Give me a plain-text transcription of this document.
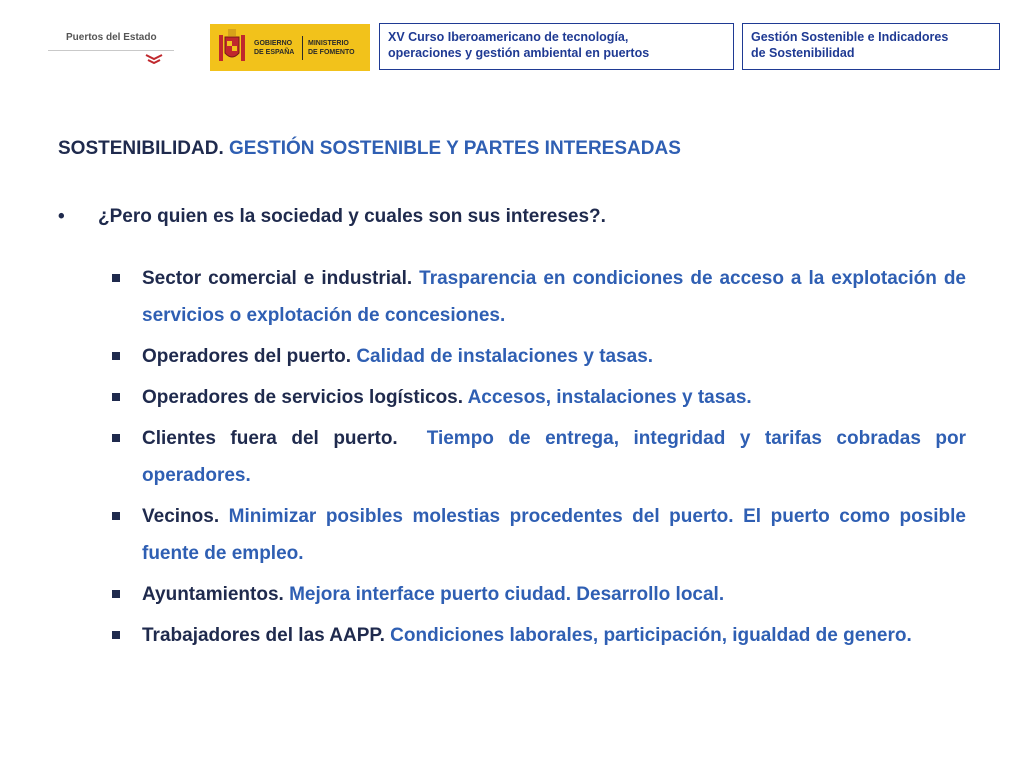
Puertos del Estado
GOBIERNO
DE ESPAÑA
MINISTERIO
DE FOMENTO
XV Curso Iberoamericano de tecnología,
operaciones y gestión ambiental en puertos
Gestión Sostenible e Indicadores
de Sostenibilidad
SOSTENIBILIDAD. GESTIÓN SOSTENIBLE Y PARTES INTERESADAS
• ¿Pero quien es la sociedad y cuales son sus intereses?.
Sector comercial e industrial. Trasparencia en condiciones de acceso a la explotación de servicios o explotación de concesiones.
Operadores del puerto. Calidad de instalaciones y tasas.
Operadores de servicios logísticos. Accesos, instalaciones y tasas.
Clientes fuera del puerto.  Tiempo de entrega, integridad y tarifas cobradas por operadores.
Vecinos. Minimizar posibles molestias procedentes del puerto. El puerto como posible fuente de empleo.
Ayuntamientos. Mejora interface puerto ciudad. Desarrollo local.
Trabajadores del las AAPP. Condiciones laborales, participación, igualdad de genero.
